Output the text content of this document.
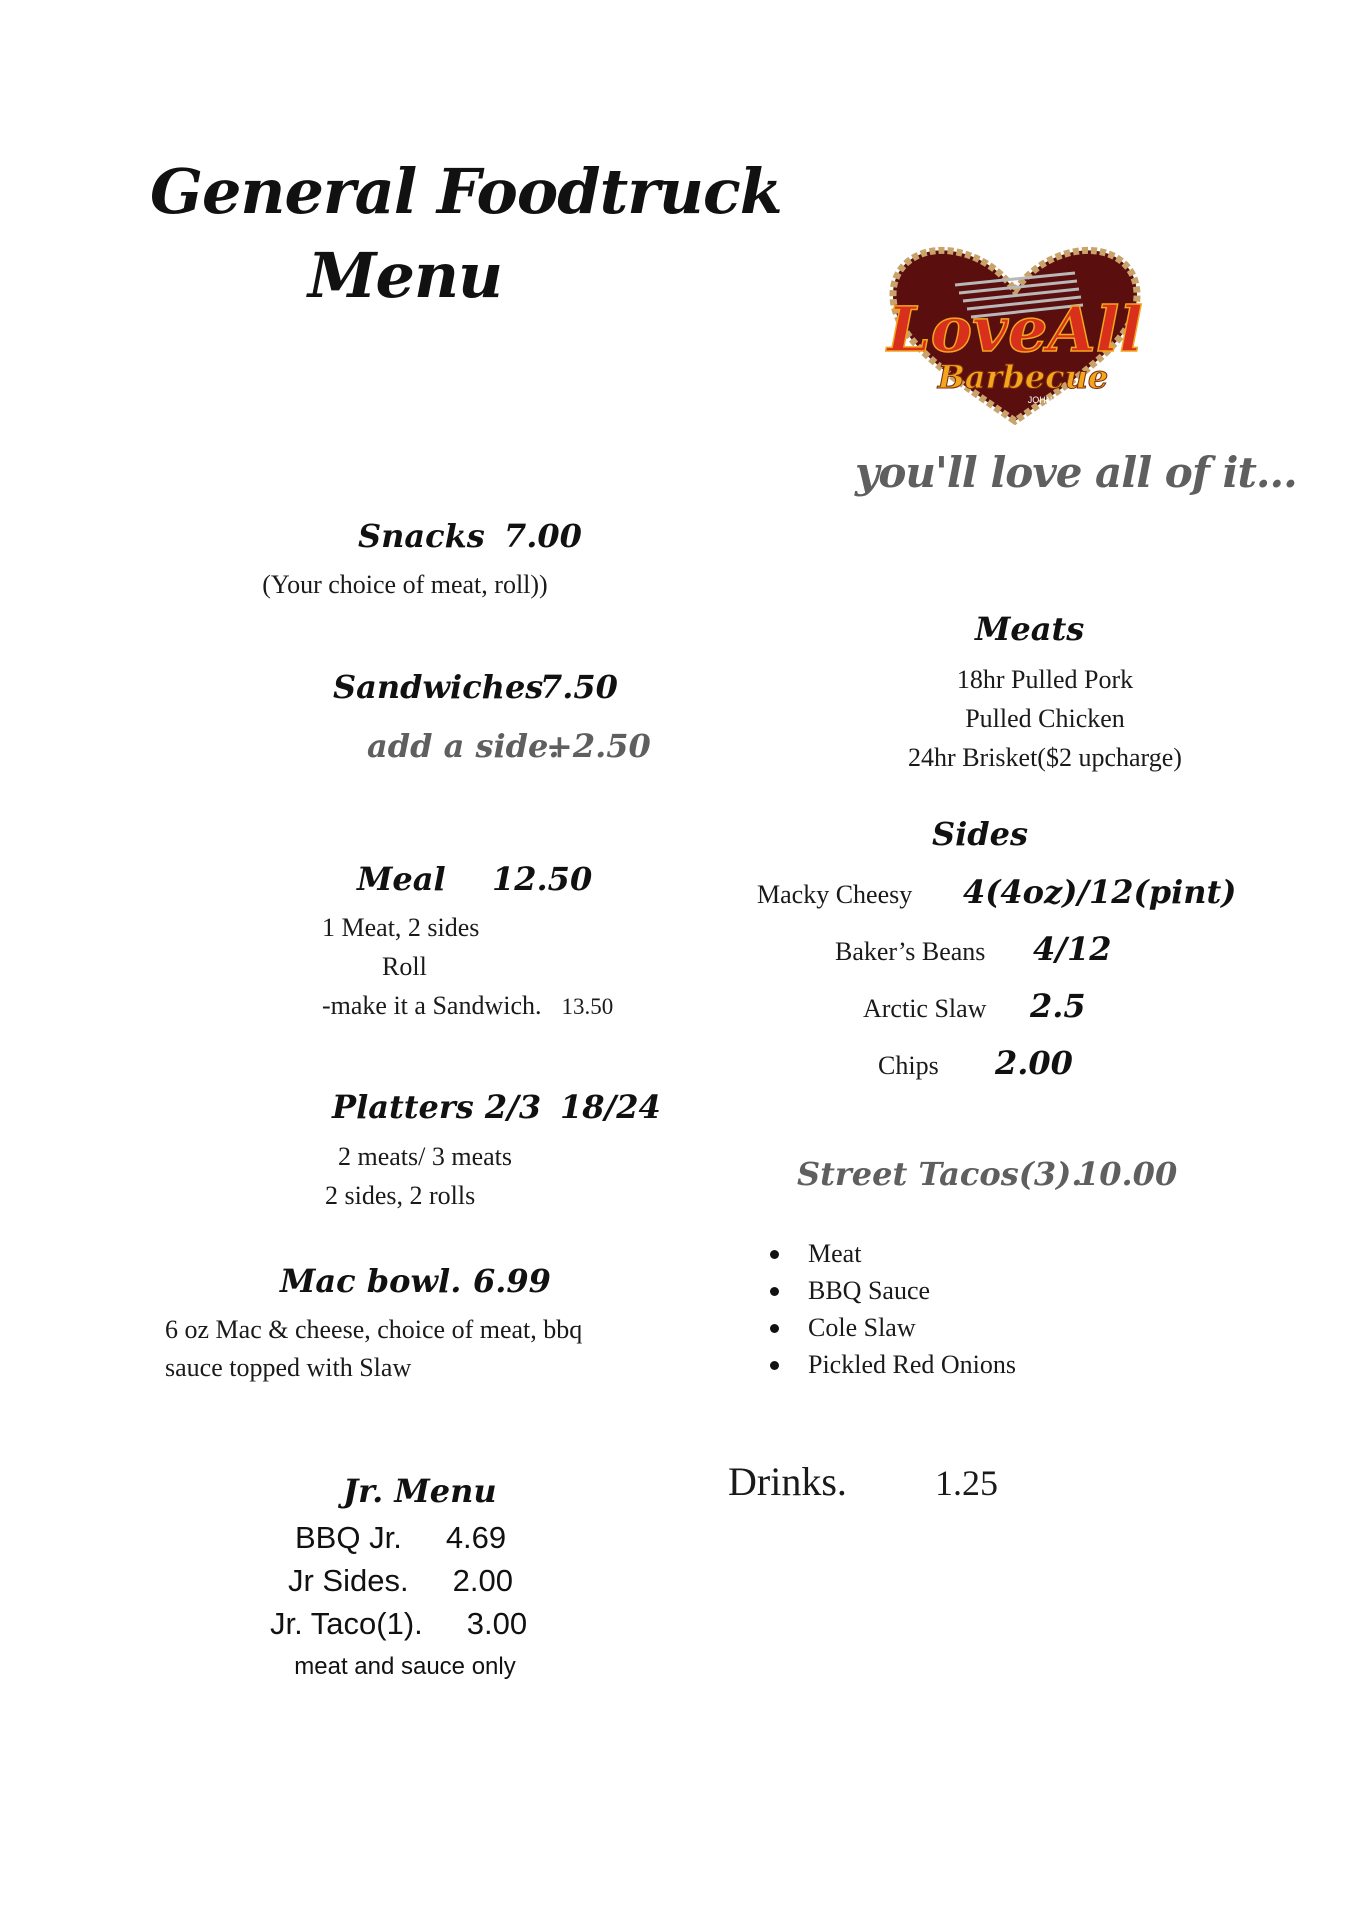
General Foodtruck
Menu
LoveAll
Barbecue
JOHN 3:16
you'll love all of it...
Snacks 7.00
(Your choice of meat, roll))
Sandwiches
7.50
add a side.
+2.50
Meal 12.50
1 Meat, 2 sides
Roll
-make it a Sandwich. 13.50
Platters 2/3 18/24
2 meats/ 3 meats
2 sides, 2 rolls
Mac bowl. 6.99
6 oz Mac & cheese, choice of meat, bbq
sauce topped with Slaw
Jr. Menu
BBQ Jr. 4.69
Jr Sides. 2.00
Jr. Taco(1). 3.00
meat and sauce only
Meats
18hr Pulled Pork
Pulled Chicken
24hr Brisket($2 upcharge)
Sides
Macky Cheesy 4(4oz)/12(pint)
Baker’s Beans 4/12
Arctic Slaw 2.5
Chips 2.00
Street Tacos(3).
10.00
Meat
BBQ Sauce
Cole Slaw
Pickled Red Onions
Drinks. 1.25
